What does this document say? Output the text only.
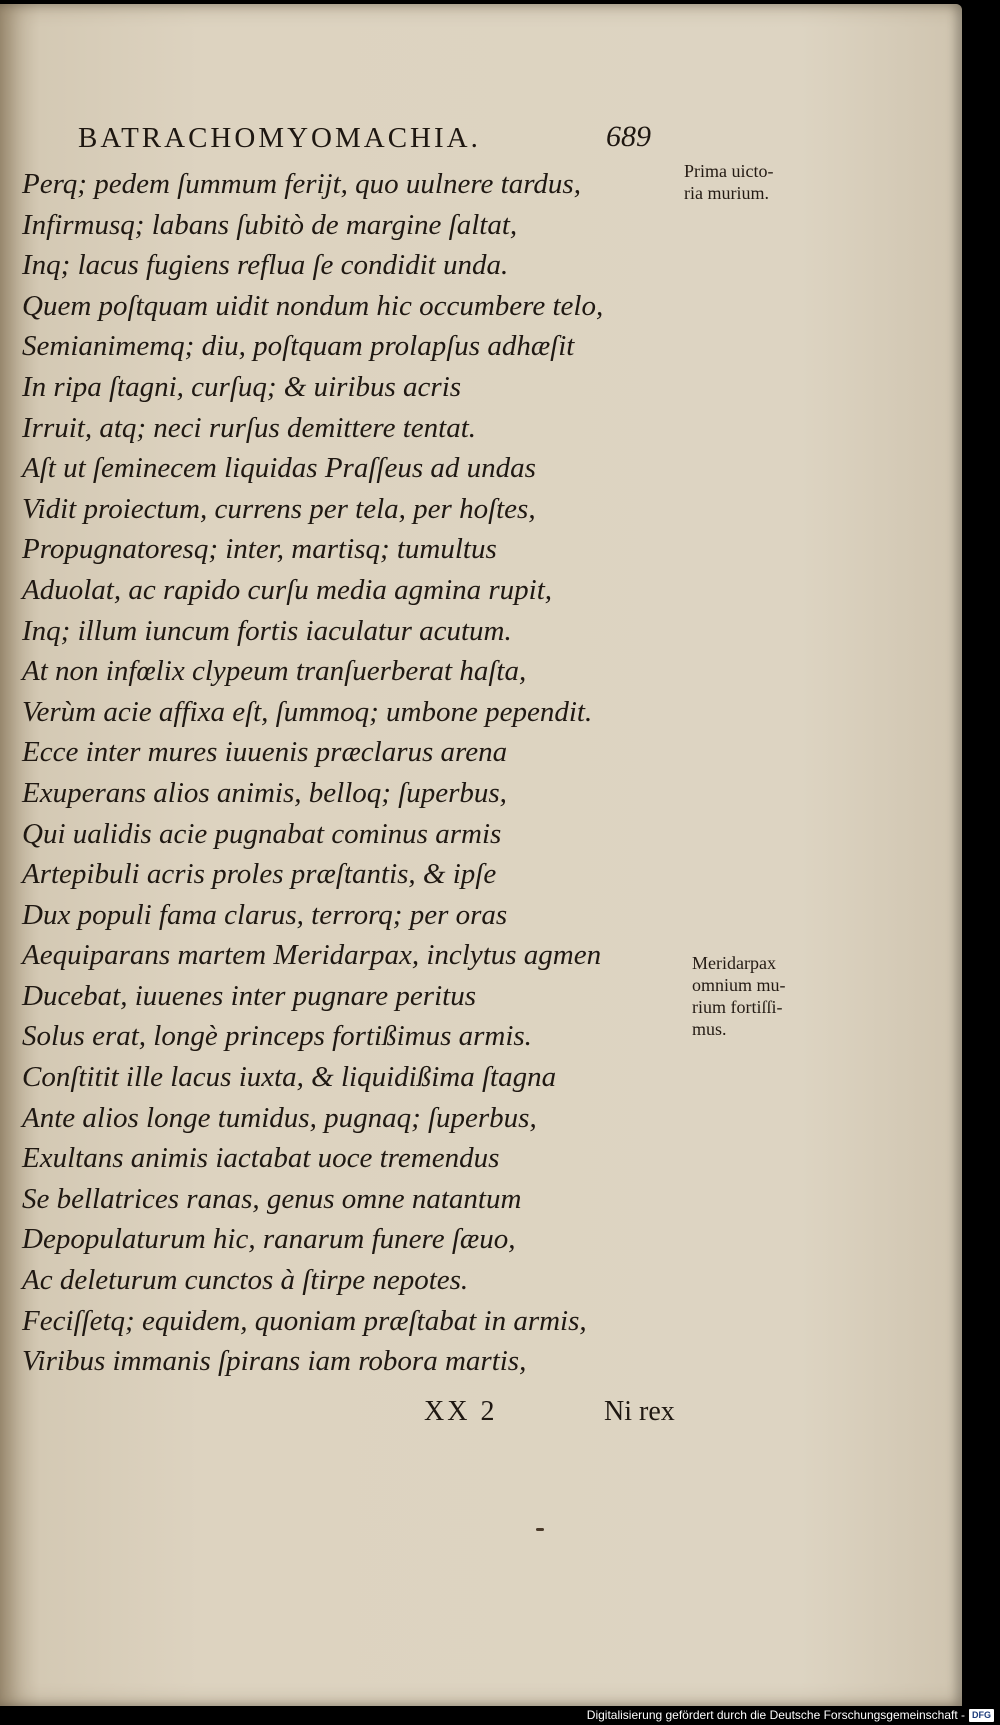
BATRACHOMYOMACHIA.	689
Perq; pedem ſummum ferijt, quo uulnere tardus,
Infirmusq; labans ſubitò de margine ſaltat,
Inq; lacus fugiens reflua ſe condidit unda.
Quem poſtquam uidit nondum hic occumbere telo,
Semianimemq; diu, poſtquam prolapſus adhæſit
In ripa ſtagni, curſuq; & uiribus acris
Irruit, atq; neci rurſus demittere tentat.
Aſt ut ſeminecem liquidas Praſſeus ad undas
Vidit proiectum, currens per tela, per hoſtes,
Propugnatoresq; inter, martisq; tumultus
Aduolat, ac rapido curſu media agmina rupit,
Inq; illum iuncum fortis iaculatur acutum.
At non infœlix clypeum tranſuerberat haſta,
Verùm acie affixa eſt, ſummoq; umbone pependit.
Ecce inter mures iuuenis præclarus arena
Exuperans alios animis, belloq; ſuperbus,
Qui ualidis acie pugnabat cominus armis
Artepibuli acris proles præſtantis, & ipſe
Dux populi fama clarus, terrorq; per oras
Aequiparans martem Meridarpax, inclytus agmen
Ducebat, iuuenes inter pugnare peritus
Solus erat, longè princeps fortißimus armis.
Conſtitit ille lacus iuxta, & liquidißima ſtagna
Ante alios longe tumidus, pugnaq; ſuperbus,
Exultans animis iactabat uoce tremendus
Se bellatrices ranas, genus omne natantum
Depopulaturum hic, ranarum funere ſæuo,
Ac deleturum cunctos à ſtirpe nepotes.
Feciſſetq; equidem, quoniam præſtabat in armis,
Viribus immanis ſpirans iam robora martis,
Prima uicto-
ria murium.
Meridarpax
omnium mu-
rium fortiſſi-
mus.
XX 2	Ni rex
Digitalisierung gefördert durch die Deutsche Forschungsgemeinschaft - DFG
